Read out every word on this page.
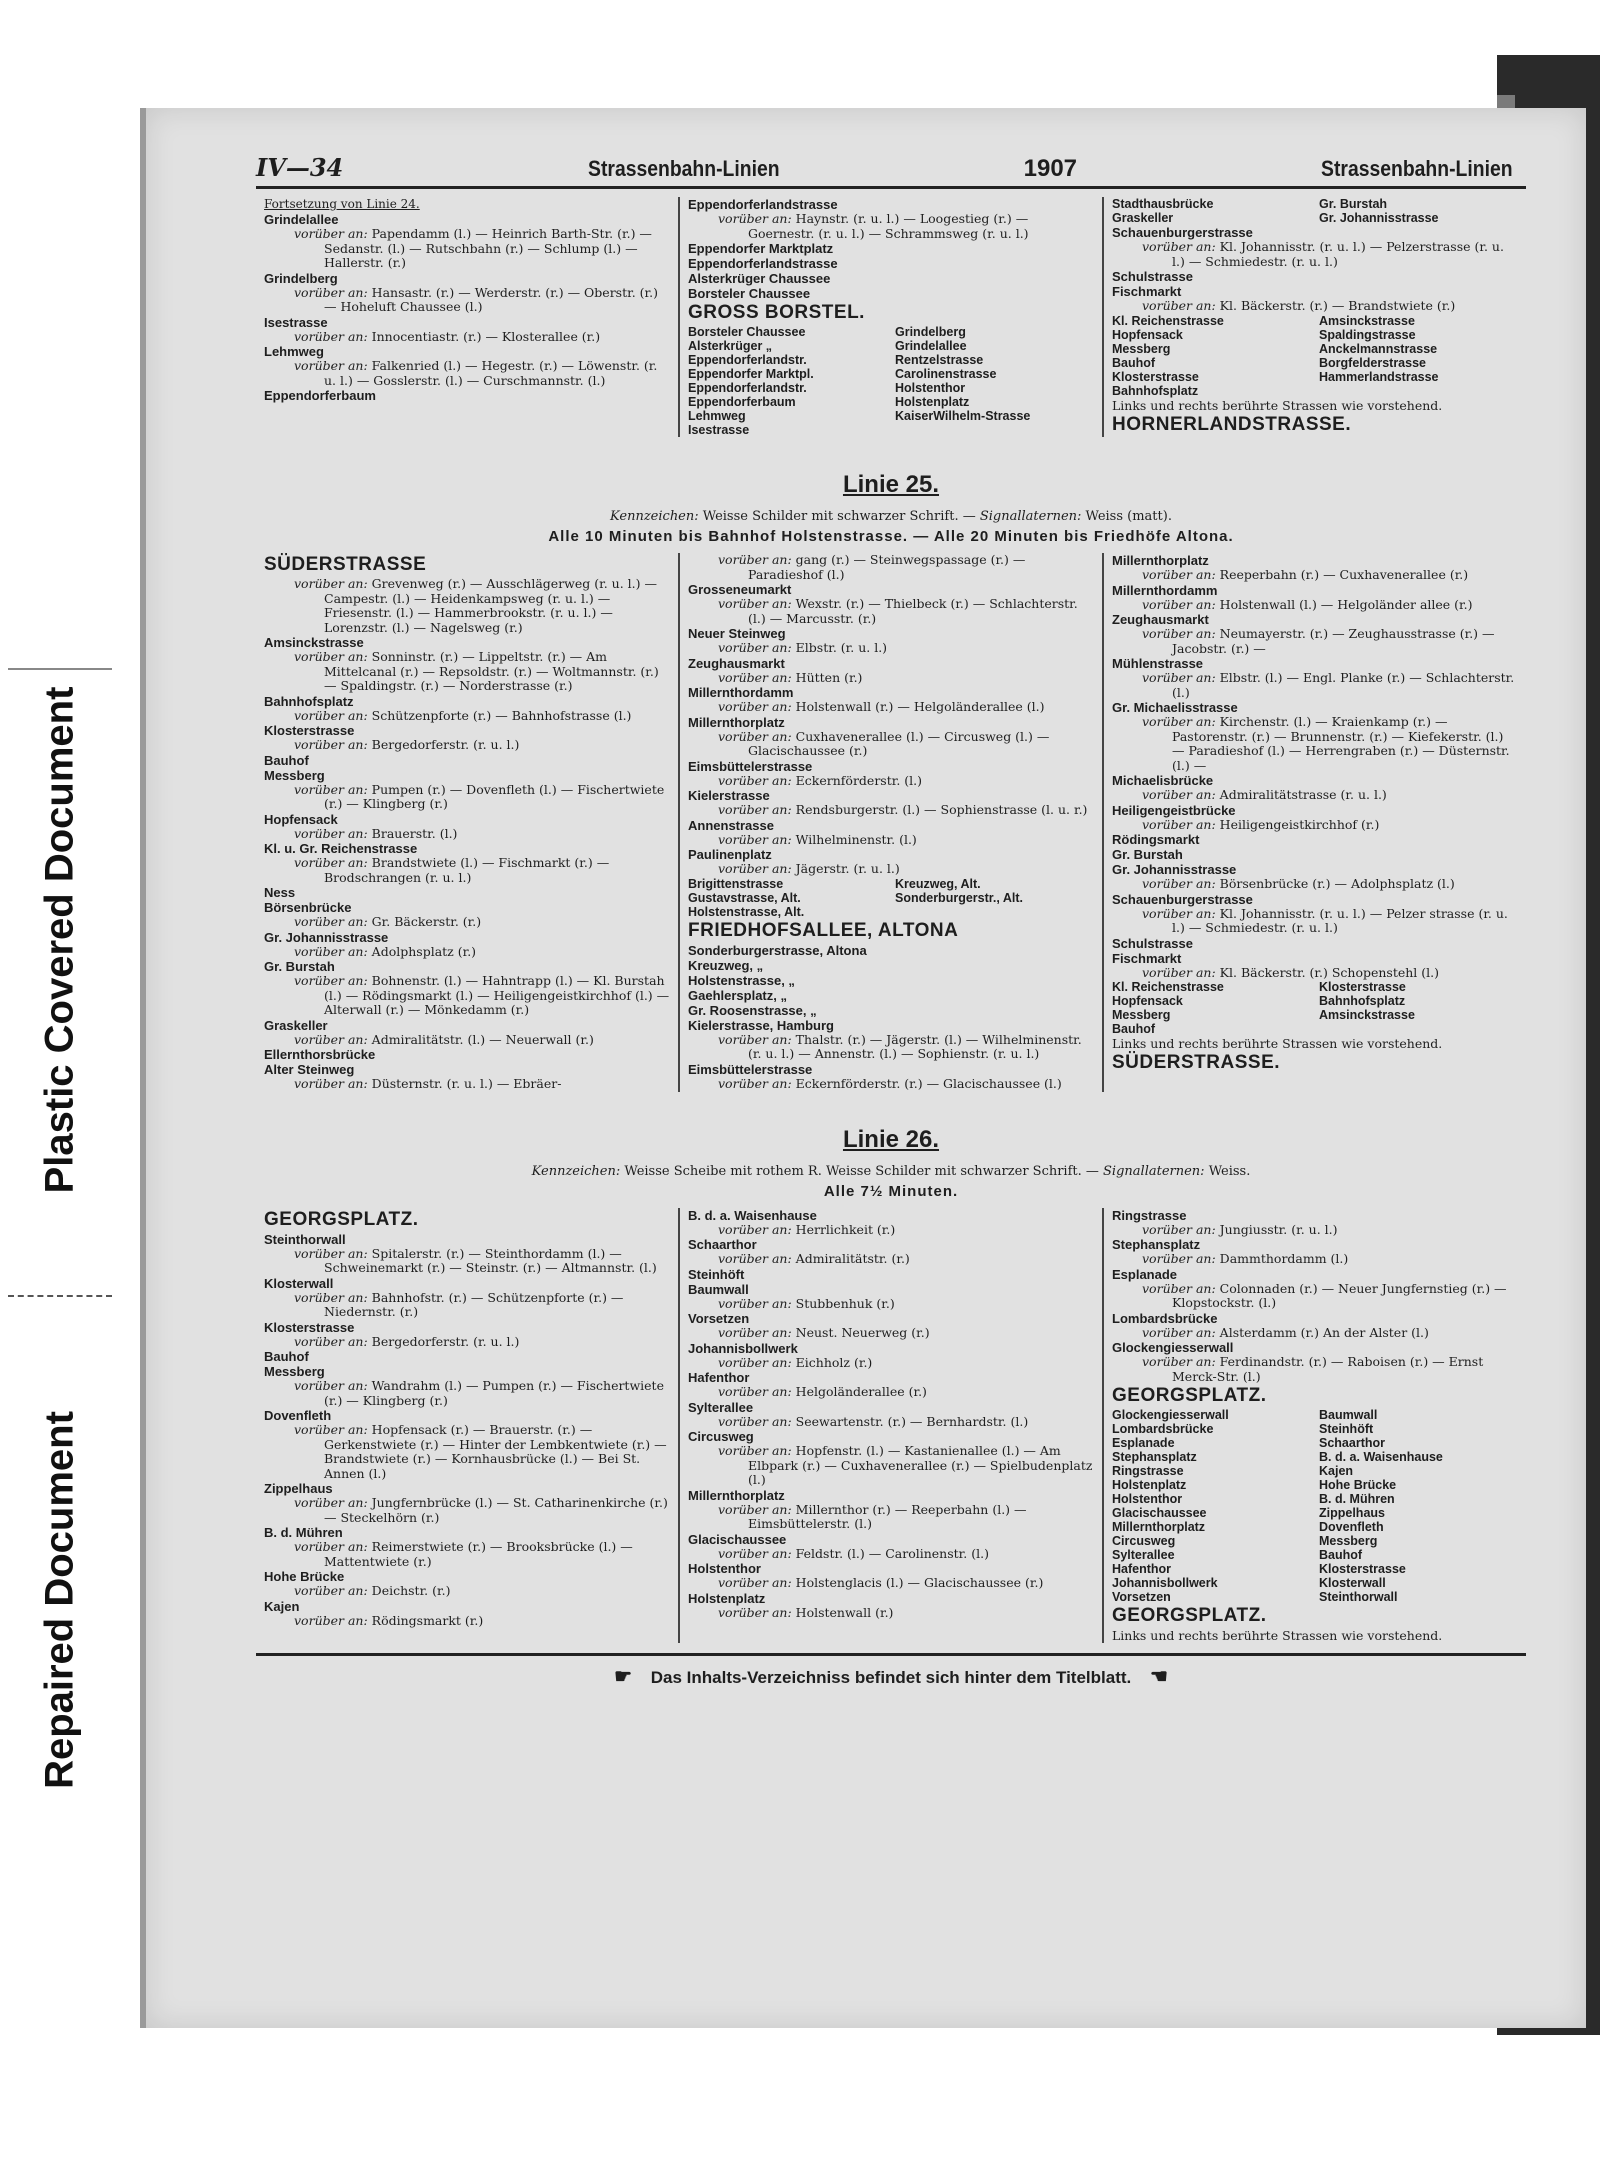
Plastic Covered Document
Repaired Document
IV—34	Strassenbahn-Linien	1907	Strassenbahn-Linien
Fortsetzung von Linie 24.
Grindelallee
vorüber an: Papendamm (l.) — Heinrich Barth-Str. (r.) — Sedanstr. (l.) — Rutschbahn (r.) — Schlump (l.) — Hallerstr. (r.)
Grindelberg
vorüber an: Hansastr. (r.) — Werderstr. (r.) — Oberstr. (r.) — Hoheluft Chaussee (l.)
Isestrasse
vorüber an: Innocentiastr. (r.) — Klosterallee (r.)
Lehmweg
vorüber an: Falkenried (l.) — Hegestr. (r.) — Löwenstr. (r. u. l.) — Gosslerstr. (l.) — Curschmannstr. (l.)
Eppendorferbaum
Eppendorferlandstrasse
vorüber an: Haynstr. (r. u. l.) — Loogestieg (r.) — Goernestr. (r. u. l.) — Schrammsweg (r. u. l.)
Eppendorfer Marktplatz
Eppendorferlandstrasse
Alsterkrüger Chaussee
Borsteler Chaussee
GROSS BORSTEL.
Borsteler Chaussee	Grindelberg
Alsterkrüger „	Grindelallee
Eppendorferlandstr.	Rentzelstrasse
Eppendorfer Marktpl.	Carolinenstrasse
Eppendorferlandstr.	Holstenthor
Eppendorferbaum	Holstenplatz
Lehmweg	KaiserWilhelm-Strasse
Isestrasse
Stadthausbrücke	Gr. Burstah
Graskeller	Gr. Johannisstrasse
Schauenburgerstrasse
vorüber an: Kl. Johannisstr. (r. u. l.) — Pelzerstrasse (r. u. l.) — Schmiedestr. (r. u. l.)
Schulstrasse
Fischmarkt
vorüber an: Kl. Bäckerstr. (r.) — Brandstwiete (r.)
Kl. Reichenstrasse	Amsinckstrasse
Hopfensack	Spaldingstrasse
Messberg	Anckelmannstrasse
Bauhof	Borgfelderstrasse
Klosterstrasse	Hammerlandstrasse
Bahnhofsplatz
Links und rechts berührte Strassen wie vorstehend.
HORNERLANDSTRASSE.
Linie 25.
Kennzeichen: Weisse Schilder mit schwarzer Schrift. — Signallaternen: Weiss (matt).
Alle 10 Minuten bis Bahnhof Holstenstrasse. — Alle 20 Minuten bis Friedhöfe Altona.
SÜDERSTRASSE
vorüber an: Grevenweg (r.) — Ausschlägerweg (r. u. l.) — Campestr. (l.) — Heidenkampsweg (r. u. l.) — Friesenstr. (l.) — Hammerbrookstr. (r. u. l.) — Lorenzstr. (l.) — Nagelsweg (r.)
Amsinckstrasse
vorüber an: Sonninstr. (r.) — Lippeltstr. (r.) — Am Mittelcanal (r.) — Repsoldstr. (r.) — Woltmannstr. (r.) — Spaldingstr. (r.) — Norderstrasse (r.)
Bahnhofsplatz
vorüber an: Schützenpforte (r.) — Bahnhofstrasse (l.)
Klosterstrasse
vorüber an: Bergedorferstr. (r. u. l.)
Bauhof
Messberg
vorüber an: Pumpen (r.) — Dovenfleth (l.) — Fischertwiete (r.) — Klingberg (r.)
Hopfensack
vorüber an: Brauerstr. (l.)
Kl. u. Gr. Reichenstrasse
vorüber an: Brandstwiete (l.) — Fischmarkt (r.) — Brodschrangen (r. u. l.)
Ness
Börsenbrücke
vorüber an: Gr. Bäckerstr. (r.)
Gr. Johannisstrasse
vorüber an: Adolphsplatz (r.)
Gr. Burstah
vorüber an: Bohnenstr. (l.) — Hahntrapp (l.) — Kl. Burstah (l.) — Rödingsmarkt (l.) — Heiligengeistkirchhof (l.) — Alterwall (r.) — Mönkedamm (r.)
Graskeller
vorüber an: Admiralitätstr. (l.) — Neuerwall (r.)
Ellernthorsbrücke
Alter Steinweg
vorüber an: Düsternstr. (r. u. l.) — Ebräer-
vorüber an: gang (r.) — Steinwegspassage (r.) — Paradieshof (l.)
Grosseneumarkt
vorüber an: Wexstr. (r.) — Thielbeck (r.) — Schlachterstr. (l.) — Marcusstr. (r.)
Neuer Steinweg
vorüber an: Elbstr. (r. u. l.)
Zeughausmarkt
vorüber an: Hütten (r.)
Millernthordamm
vorüber an: Holstenwall (r.) — Helgoländerallee (l.)
Millernthorplatz
vorüber an: Cuxhavenerallee (l.) — Circusweg (l.) — Glacischaussee (r.)
Eimsbüttelerstrasse
vorüber an: Eckernförderstr. (l.)
Kielerstrasse
vorüber an: Rendsburgerstr. (l.) — Sophienstrasse (l. u. r.)
Annenstrasse
vorüber an: Wilhelminenstr. (l.)
Paulinenplatz
vorüber an: Jägerstr. (r. u. l.)
Brigittenstrasse	Kreuzweg, Alt.
Gustavstrasse, Alt.	Sonderburgerstr., Alt.
Holstenstrasse, Alt.
FRIEDHOFSALLEE, ALTONA
Sonderburgerstrasse, Altona
Kreuzweg, „
Holstenstrasse, „
Gaehlersplatz, „
Gr. Roosenstrasse, „
Kielerstrasse, Hamburg
vorüber an: Thalstr. (r.) — Jägerstr. (l.) — Wilhelminenstr. (r. u. l.) — Annenstr. (l.) — Sophienstr. (r. u. l.)
Eimsbüttelerstrasse
vorüber an: Eckernförderstr. (r.) — Glacischaussee (l.)
Millernthorplatz
vorüber an: Reeperbahn (r.) — Cuxhavenerallee (r.)
Millernthordamm
vorüber an: Holstenwall (l.) — Helgoländer allee (r.)
Zeughausmarkt
vorüber an: Neumayerstr. (r.) — Zeughausstrasse (r.) — Jacobstr. (r.) —
Mühlenstrasse
vorüber an: Elbstr. (l.) — Engl. Planke (r.) — Schlachterstr. (l.)
Gr. Michaelisstrasse
vorüber an: Kirchenstr. (l.) — Kraienkamp (r.) — Pastorenstr. (r.) — Brunnenstr. (r.) — Kiefekerstr. (l.) — Paradieshof (l.) — Herrengraben (r.) — Düsternstr. (l.) —
Michaelisbrücke
vorüber an: Admiralitätstrasse (r. u. l.)
Heiligengeistbrücke
vorüber an: Heiligengeistkirchhof (r.)
Rödingsmarkt
Gr. Burstah
Gr. Johannisstrasse
vorüber an: Börsenbrücke (r.) — Adolphsplatz (l.)
Schauenburgerstrasse
vorüber an: Kl. Johannisstr. (r. u. l.) — Pelzer strasse (r. u. l.) — Schmiedestr. (r. u. l.)
Schulstrasse
Fischmarkt
vorüber an: Kl. Bäckerstr. (r.) Schopenstehl (l.)
Kl. Reichenstrasse	Klosterstrasse
Hopfensack	Bahnhofsplatz
Messberg	Amsinckstrasse
Bauhof
Links und rechts berührte Strassen wie vorstehend.
SÜDERSTRASSE.
Linie 26.
Kennzeichen: Weisse Scheibe mit rothem R. Weisse Schilder mit schwarzer Schrift. — Signallaternen: Weiss.
Alle 7½ Minuten.
GEORGSPLATZ.
Steinthorwall
vorüber an: Spitalerstr. (r.) — Steinthordamm (l.) — Schweinemarkt (r.) — Steinstr. (r.) — Altmannstr. (l.)
Klosterwall
vorüber an: Bahnhofstr. (r.) — Schützenpforte (r.) — Niedernstr. (r.)
Klosterstrasse
vorüber an: Bergedorferstr. (r. u. l.)
Bauhof
Messberg
vorüber an: Wandrahm (l.) — Pumpen (r.) — Fischertwiete (r.) — Klingberg (r.)
Dovenfleth
vorüber an: Hopfensack (r.) — Brauerstr. (r.) — Gerkenstwiete (r.) — Hinter der Lembkentwiete (r.) — Brandstwiete (r.) — Kornhausbrücke (l.) — Bei St. Annen (l.)
Zippelhaus
vorüber an: Jungfernbrücke (l.) — St. Catharinenkirche (r.) — Steckelhörn (r.)
B. d. Mühren
vorüber an: Reimerstwiete (r.) — Brooksbrücke (l.) — Mattentwiete (r.)
Hohe Brücke
vorüber an: Deichstr. (r.)
Kajen
vorüber an: Rödingsmarkt (r.)
B. d. a. Waisenhause
vorüber an: Herrlichkeit (r.)
Schaarthor
vorüber an: Admiralitätstr. (r.)
Steinhöft
Baumwall
vorüber an: Stubbenhuk (r.)
Vorsetzen
vorüber an: Neust. Neuerweg (r.)
Johannisbollwerk
vorüber an: Eichholz (r.)
Hafenthor
vorüber an: Helgoländerallee (r.)
Sylterallee
vorüber an: Seewartenstr. (r.) — Bernhardstr. (l.)
Circusweg
vorüber an: Hopfenstr. (l.) — Kastanienallee (l.) — Am Elbpark (r.) — Cuxhavenerallee (r.) — Spielbudenplatz (l.)
Millernthorplatz
vorüber an: Millernthor (r.) — Reeperbahn (l.) — Eimsbüttelerstr. (l.)
Glacischaussee
vorüber an: Feldstr. (l.) — Carolinenstr. (l.)
Holstenthor
vorüber an: Holstenglacis (l.) — Glacischaussee (r.)
Holstenplatz
vorüber an: Holstenwall (r.)
Ringstrasse
vorüber an: Jungiusstr. (r. u. l.)
Stephansplatz
vorüber an: Dammthordamm (l.)
Esplanade
vorüber an: Colonnaden (r.) — Neuer Jungfernstieg (r.) — Klopstockstr. (l.)
Lombardsbrücke
vorüber an: Alsterdamm (r.) An der Alster (l.)
Glockengiesserwall
vorüber an: Ferdinandstr. (r.) — Raboisen (r.) — Ernst Merck-Str. (l.)
GEORGSPLATZ.
Glockengiesserwall	Baumwall
Lombardsbrücke	Steinhöft
Esplanade	Schaarthor
Stephansplatz	B. d. a. Waisenhause
Ringstrasse	Kajen
Holstenplatz	Hohe Brücke
Holstenthor	B. d. Mühren
Glacischaussee	Zippelhaus
Millernthorplatz	Dovenfleth
Circusweg	Messberg
Sylterallee	Bauhof
Hafenthor	Klosterstrasse
Johannisbollwerk	Klosterwall
Vorsetzen	Steinthorwall
GEORGSPLATZ.
Links und rechts berührte Strassen wie vorstehend.
☛ Das Inhalts-Verzeichniss befindet sich hinter dem Titelblatt. ☚
